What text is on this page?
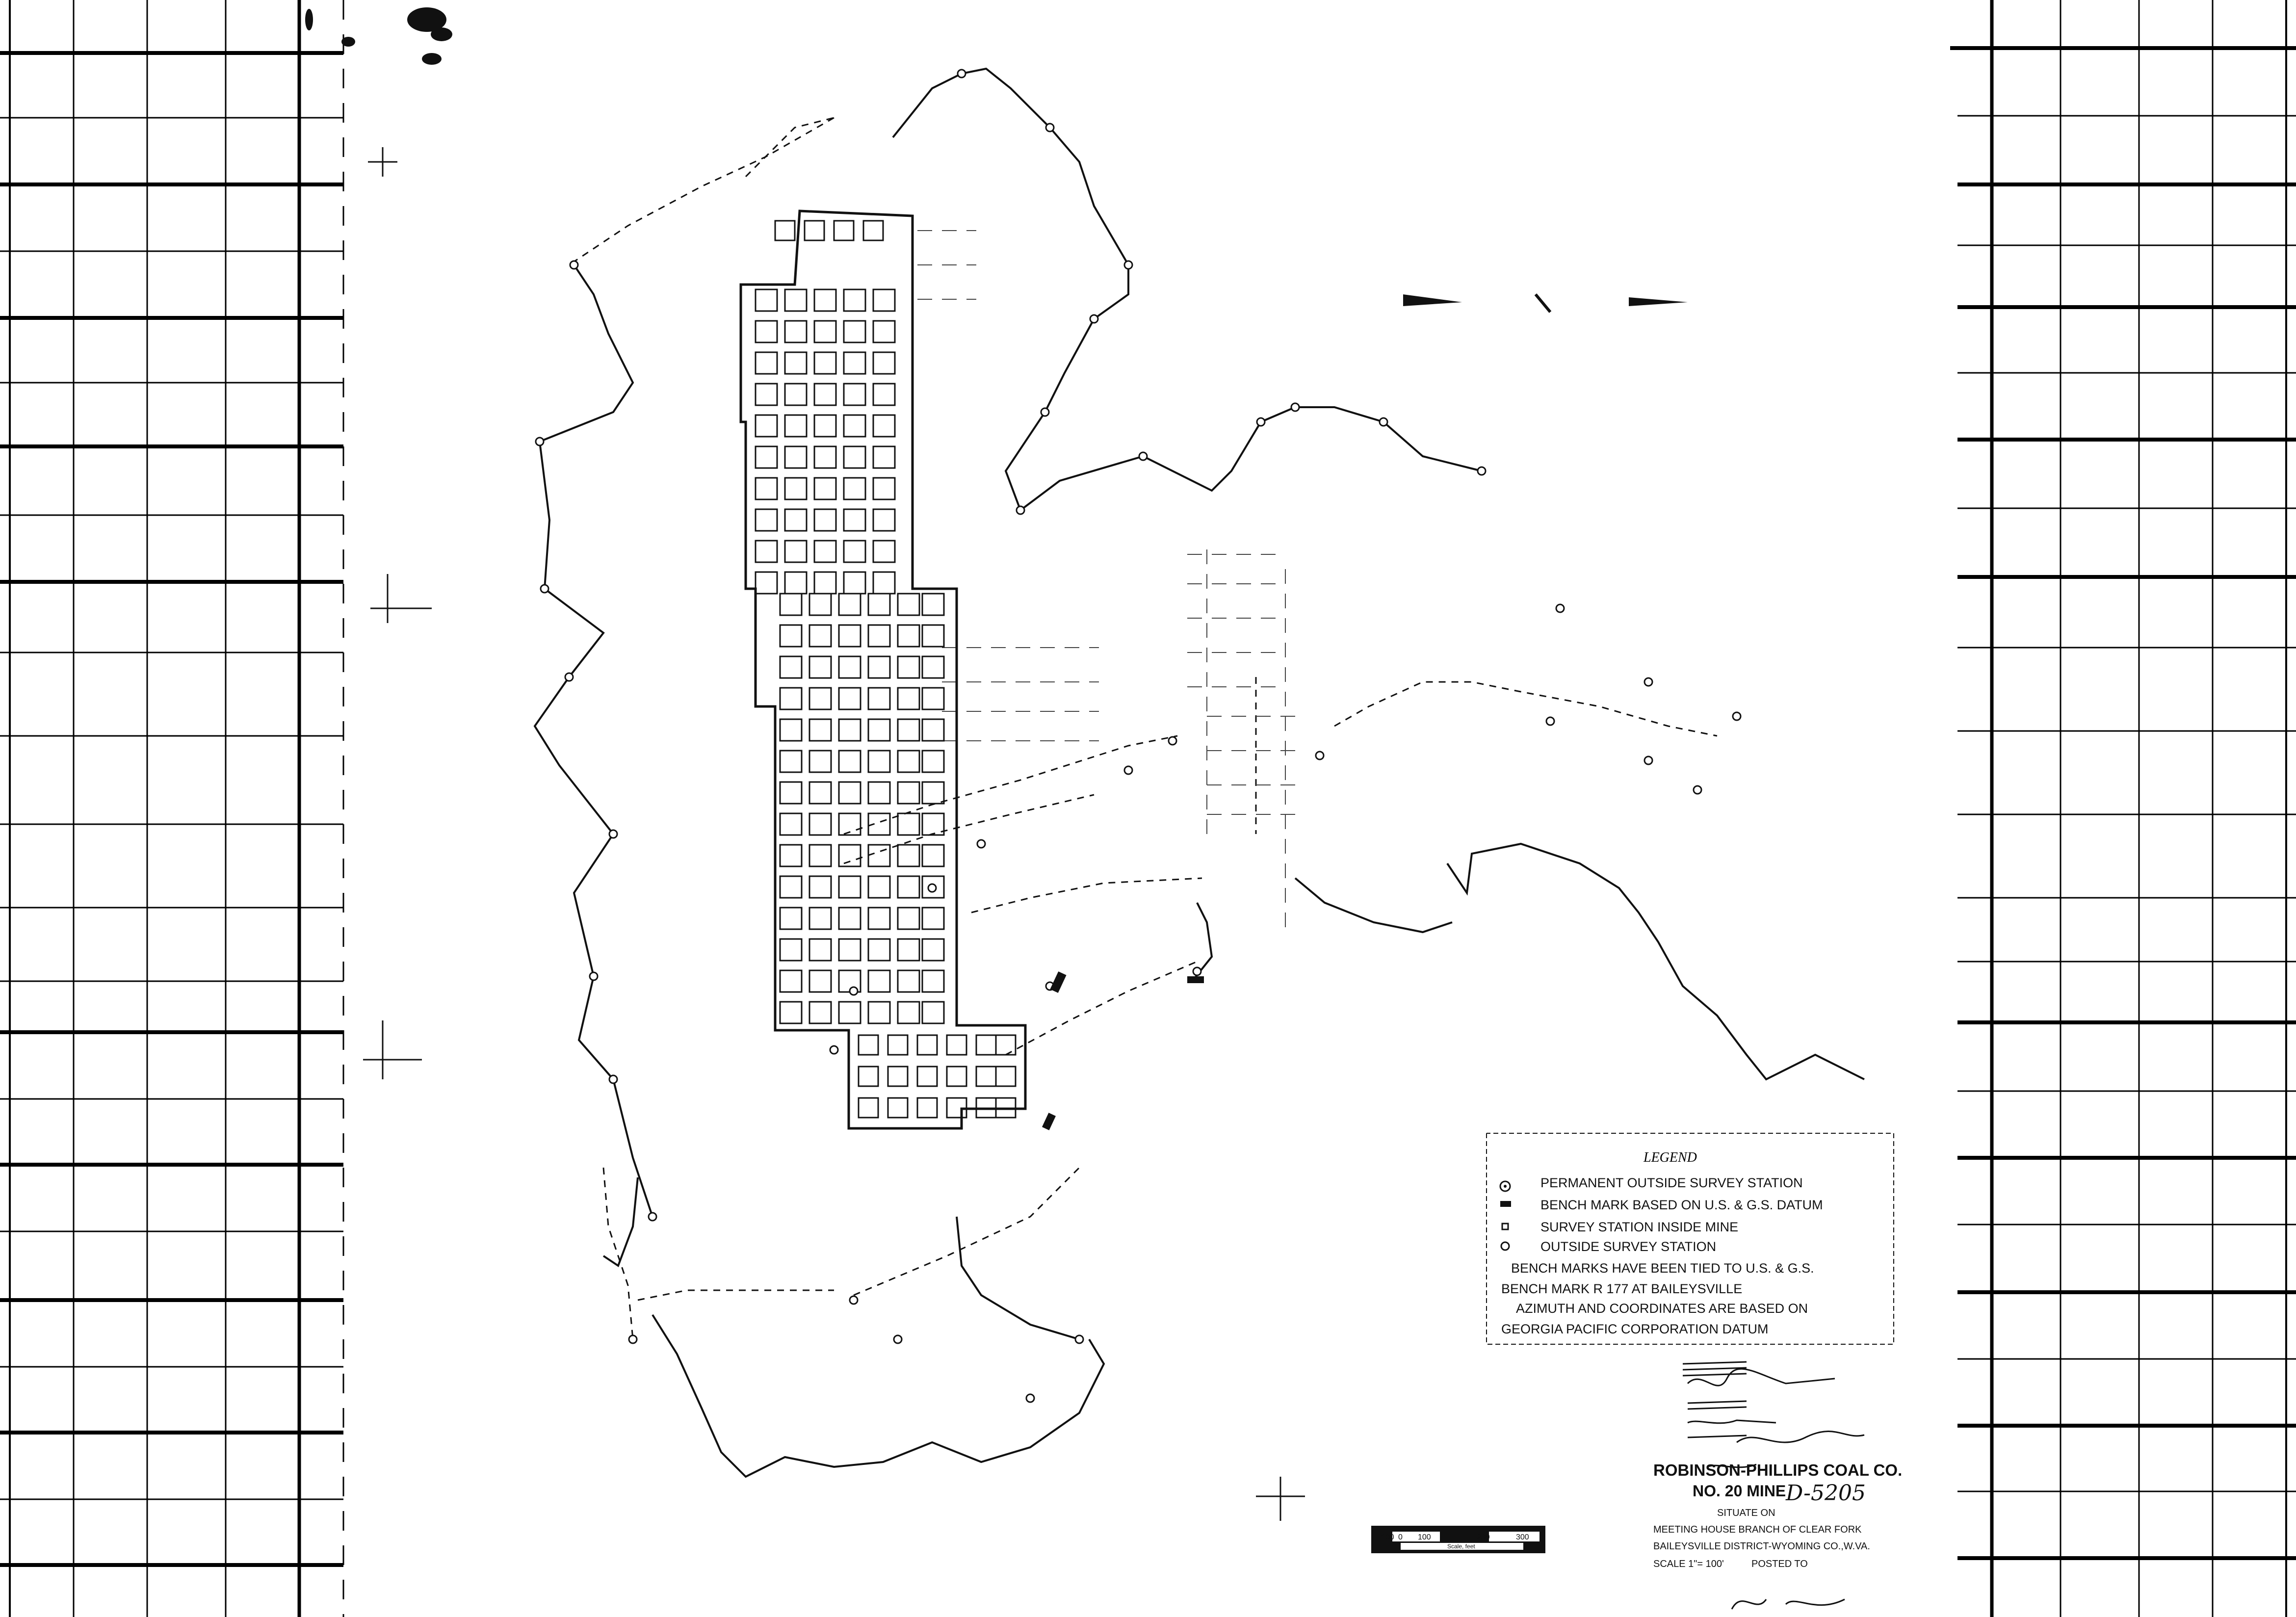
LEGEND
PERMANENT OUTSIDE SURVEY STATION
BENCH MARK BASED ON U.S. & G.S. DATUM
SURVEY STATION INSIDE MINE
OUTSIDE SURVEY STATION
BENCH MARKS HAVE BEEN TIED TO U.S. & G.S.
BENCH MARK R 177 AT BAILEYSVILLE
AZIMUTH AND COORDINATES ARE BASED ON
GEORGIA PACIFIC CORPORATION DATUM
ROBINSON-PHILLIPS COAL CO.
NO. 20 MINE D-5205
SITUATE ON
MEETING HOUSE BRANCH OF CLEAR FORK
BAILEYSVILLE DISTRICT-WYOMING CO.,W.VA.
SCALE 1"= 100'	POSTED TO
100 0 100	200	300
Scale, feet
